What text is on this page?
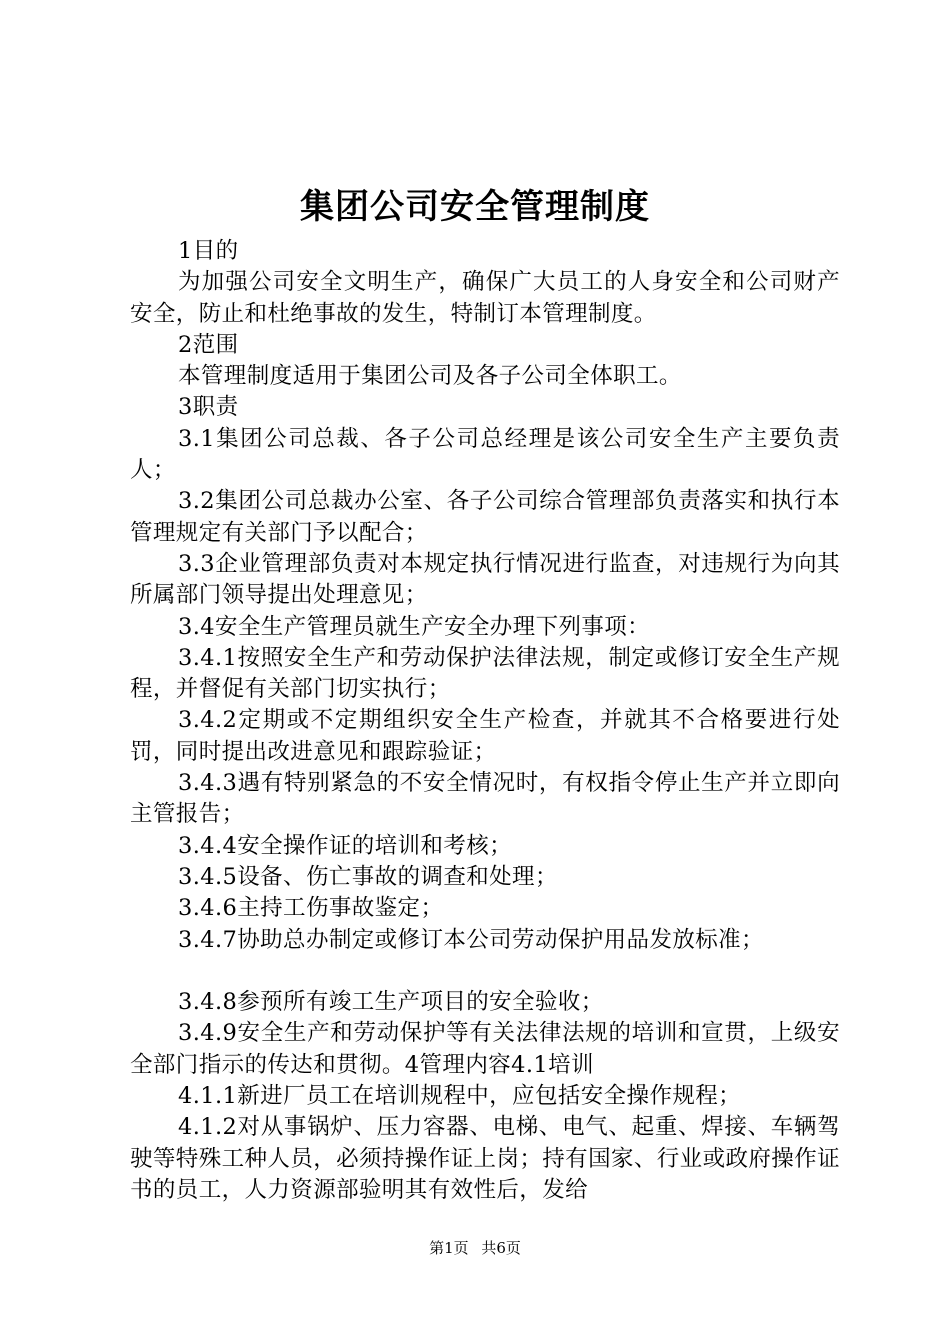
集团公司安全管理制度

1目的

为加强公司安全文明生产，确保广大员工的人身安全和公司财产安全，防止和杜绝事故的发生，特制订本管理制度。

2范围

本管理制度适用于集团公司及各子公司全体职工。

3职责

3.1集团公司总裁、各子公司总经理是该公司安全生产主要负责人；

3.2集团公司总裁办公室、各子公司综合管理部负责落实和执行本管理规定有关部门予以配合；

3.3企业管理部负责对本规定执行情况进行监查，对违规行为向其所属部门领导提出处理意见；

3.4安全生产管理员就生产安全办理下列事项：

3.4.1按照安全生产和劳动保护法律法规，制定或修订安全生产规程，并督促有关部门切实执行；

3.4.2定期或不定期组织安全生产检查，并就其不合格要进行处罚，同时提出改进意见和跟踪验证；

3.4.3遇有特别紧急的不安全情况时，有权指令停止生产并立即向主管报告；

3.4.4安全操作证的培训和考核；

3.4.5设备、伤亡事故的调查和处理；

3.4.6主持工伤事故鉴定；

3.4.7协助总办制定或修订本公司劳动保护用品发放标准；

3.4.8参预所有竣工生产项目的安全验收；

3.4.9安全生产和劳动保护等有关法律法规的培训和宣贯，上级安全部门指示的传达和贯彻。4管理内容4.1培训

4.1.1新进厂员工在培训规程中，应包括安全操作规程；

4.1.2对从事锅炉、压力容器、电梯、电气、起重、焊接、车辆驾驶等特殊工种人员，必须持操作证上岗；持有国家、行业或政府操作证书的员工，人力资源部验明其有效性后，发给

第1页 共6页
